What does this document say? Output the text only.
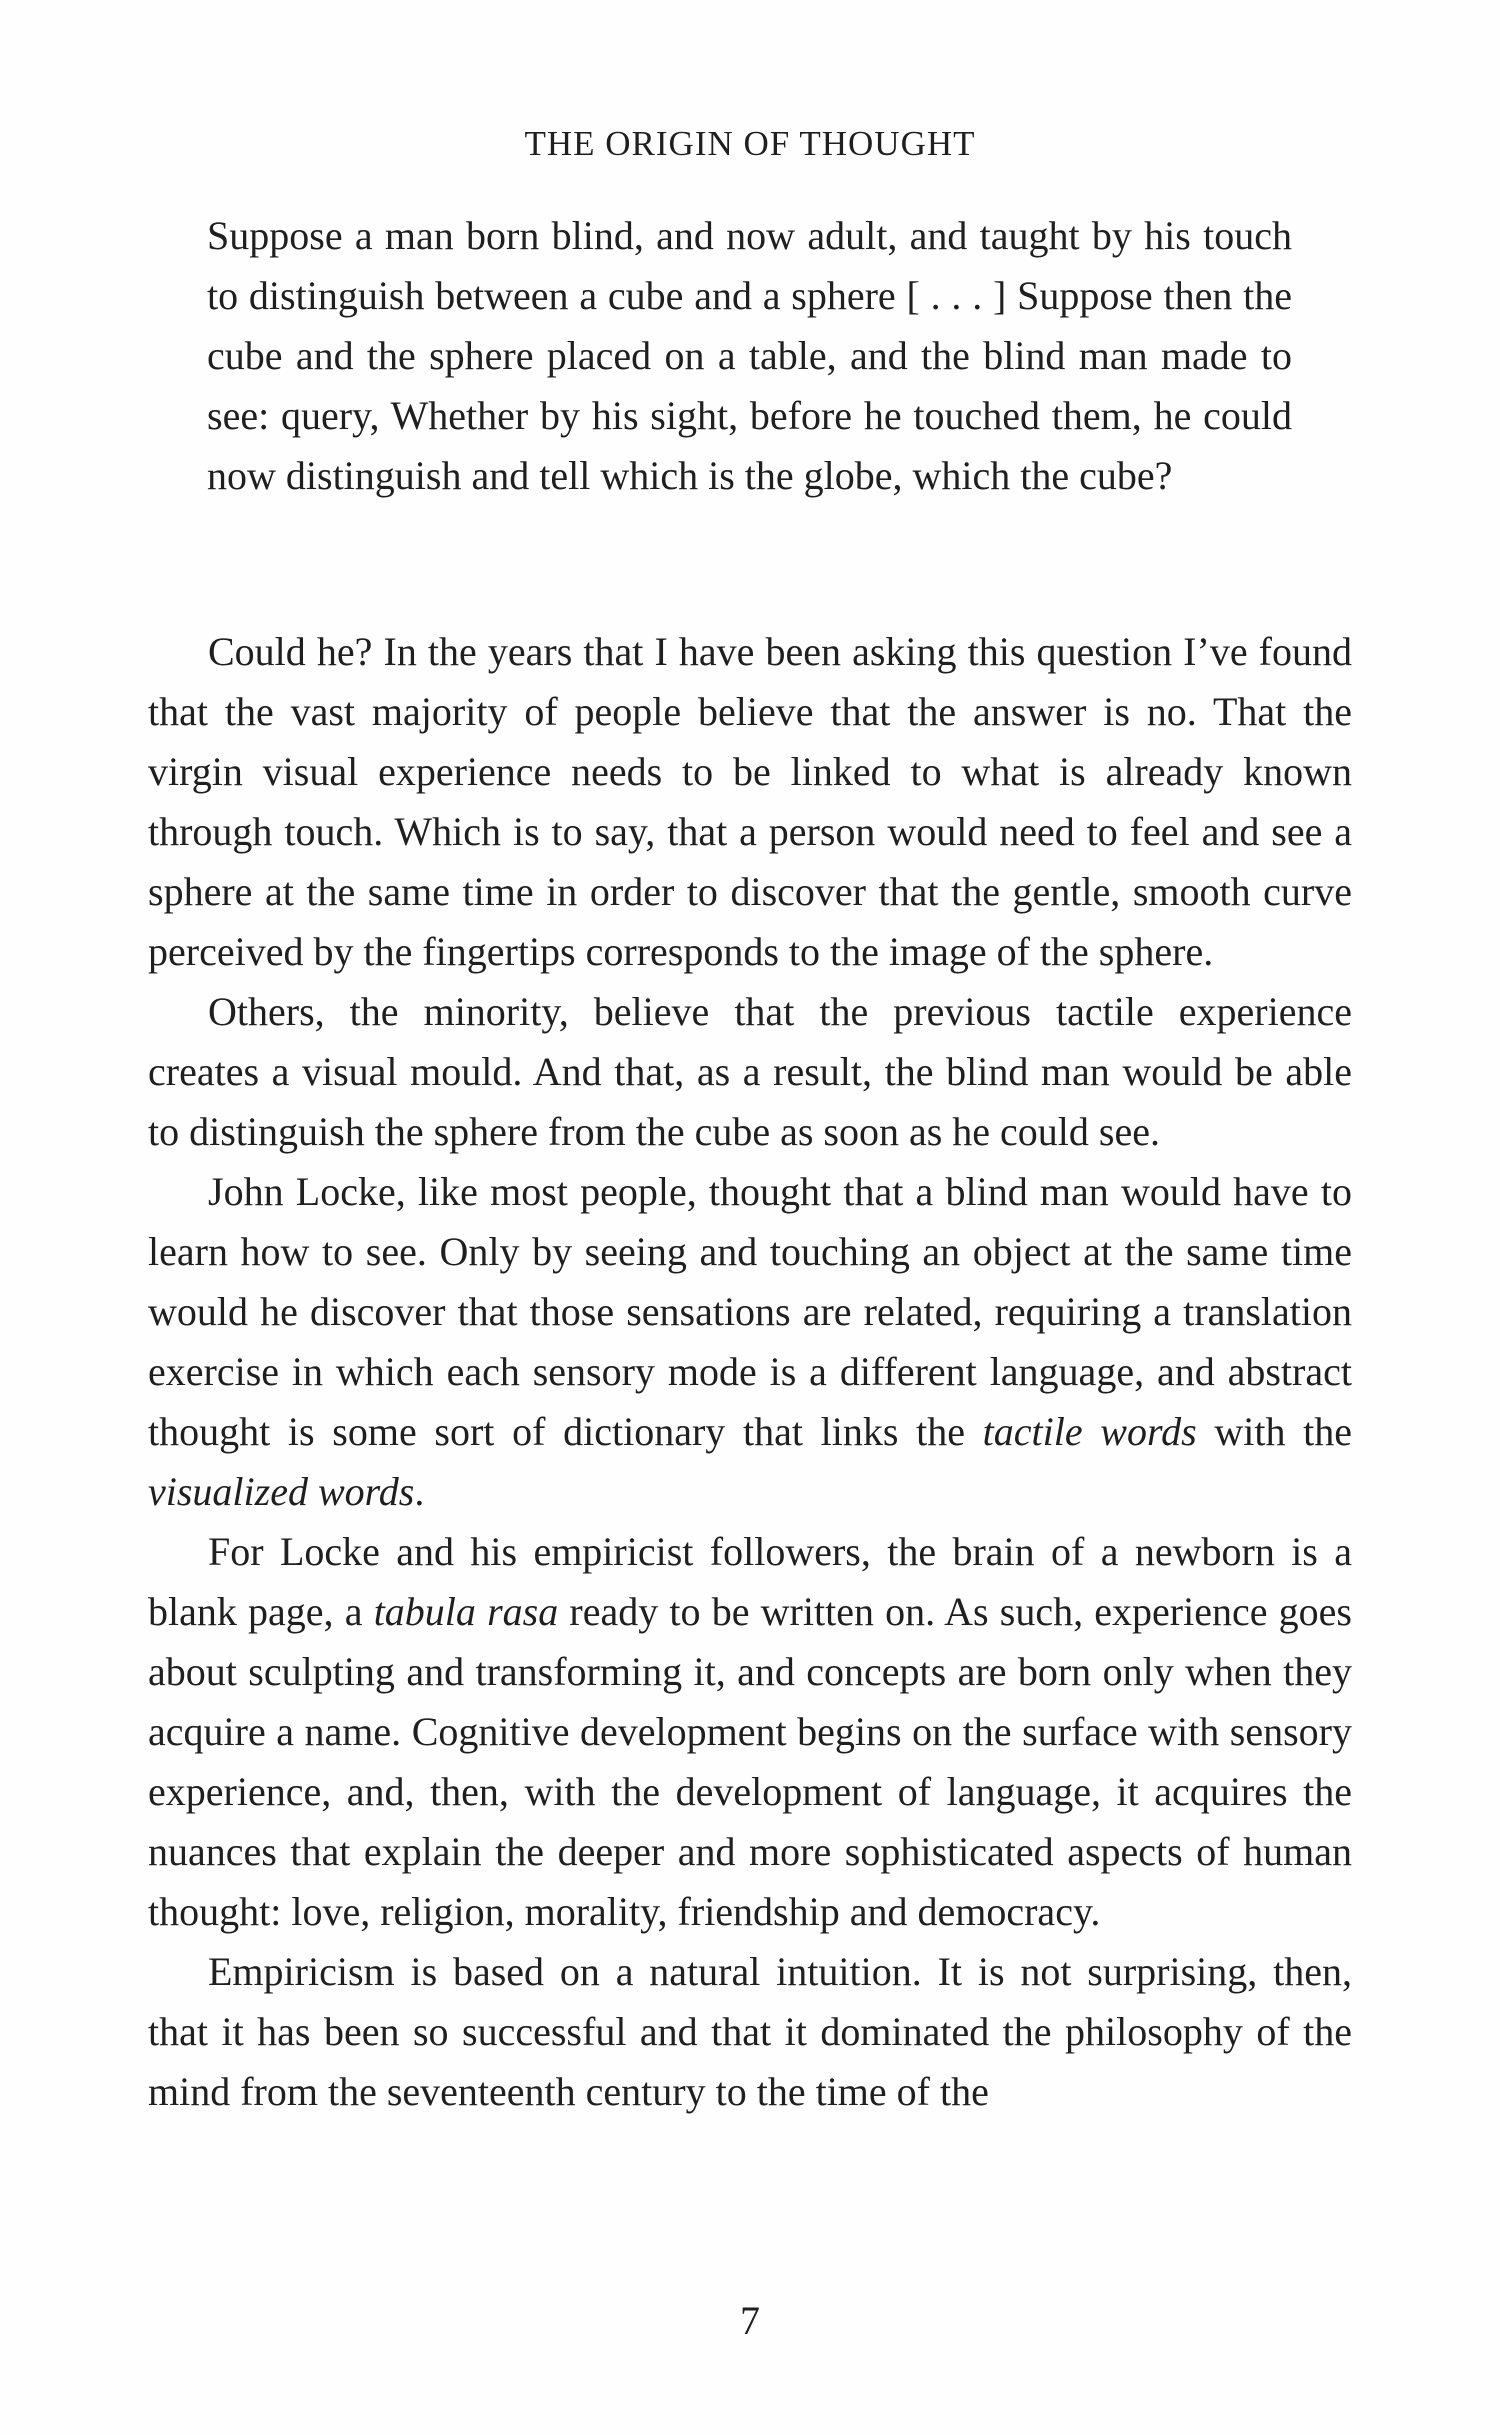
THE ORIGIN OF THOUGHT
Suppose a man born blind, and now adult, and taught by his touch to distinguish between a cube and a sphere [ . . . ] Suppose then the cube and the sphere placed on a table, and the blind man made to see: query, Whether by his sight, before he touched them, he could now distinguish and tell which is the globe, which the cube?

Could he? In the years that I have been asking this question I’ve found that the vast majority of people believe that the answer is no. That the virgin visual experience needs to be linked to what is already known through touch. Which is to say, that a person would need to feel and see a sphere at the same time in order to discover that the gentle, smooth curve perceived by the fingertips corresponds to the image of the sphere.

Others, the minority, believe that the previous tactile experience creates a visual mould. And that, as a result, the blind man would be able to distinguish the sphere from the cube as soon as he could see.

John Locke, like most people, thought that a blind man would have to learn how to see. Only by seeing and touching an object at the same time would he discover that those sensations are related, requiring a translation exercise in which each sensory mode is a different language, and abstract thought is some sort of dictionary that links the tactile words with the visualized words.

For Locke and his empiricist followers, the brain of a newborn is a blank page, a tabula rasa ready to be written on. As such, experience goes about sculpting and transforming it, and concepts are born only when they acquire a name. Cognitive development begins on the surface with sensory experience, and, then, with the development of language, it acquires the nuances that explain the deeper and more sophisticated aspects of human thought: love, religion, morality, friendship and democracy.

Empiricism is based on a natural intuition. It is not surprising, then, that it has been so successful and that it dominated the philosophy of the mind from the seventeenth century to the time of the

7
